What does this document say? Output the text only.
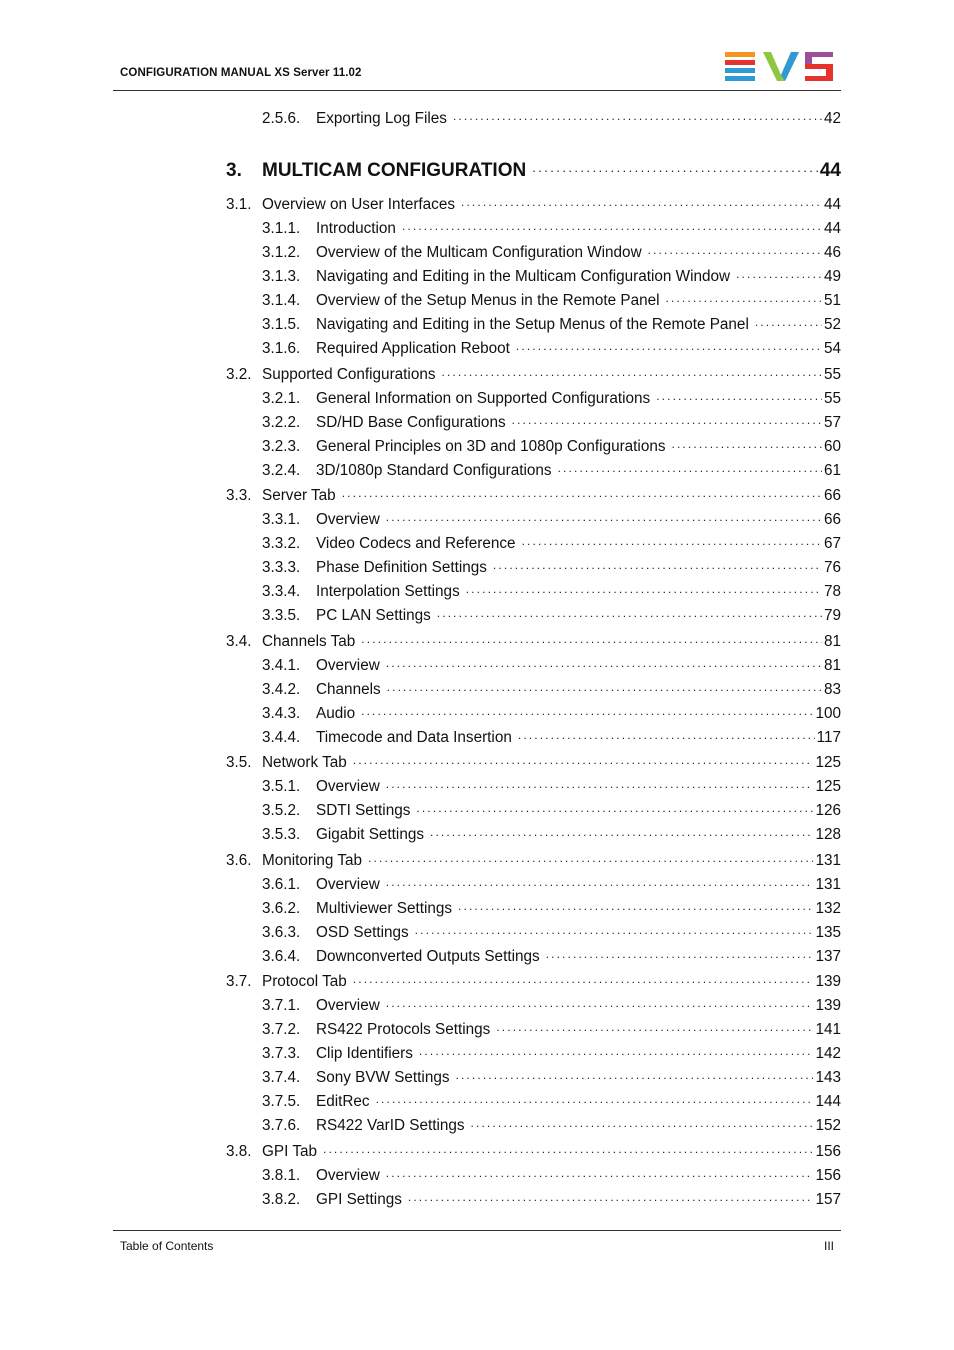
CONFIGURATION MANUAL XS Server 11.02
2.5.6.	Exporting Log Files . . .	42
3.	MULTICAM CONFIGURATION . . .	44
3.1. Overview on User Interfaces . . .	44
3.1.1.	Introduction . . .	44
3.1.2.	Overview of the Multicam Configuration Window . . .	46
3.1.3.	Navigating and Editing in the Multicam Configuration Window . . .	49
3.1.4.	Overview of the Setup Menus in the Remote Panel . . .	51
3.1.5.	Navigating and Editing in the Setup Menus of the Remote Panel . . .	52
3.1.6.	Required Application Reboot . . .	54
3.2. Supported Configurations . . .	55
3.2.1.	General Information on Supported Configurations . . .	55
3.2.2.	SD/HD Base Configurations . . .	57
3.2.3.	General Principles on 3D and 1080p Configurations . . .	60
3.2.4.	3D/1080p Standard Configurations . . .	61
3.3. Server Tab . . .	66
3.3.1.	Overview . . .	66
3.3.2.	Video Codecs and Reference . . .	67
3.3.3.	Phase Definition Settings . . .	76
3.3.4.	Interpolation Settings . . .	78
3.3.5.	PC LAN Settings . . .	79
3.4. Channels Tab . . .	81
3.4.1.	Overview . . .	81
3.4.2.	Channels . . .	83
3.4.3.	Audio . . .	100
3.4.4.	Timecode and Data Insertion . . .	117
3.5. Network Tab . . .	125
3.5.1.	Overview . . .	125
3.5.2.	SDTI Settings . . .	126
3.5.3.	Gigabit Settings . . .	128
3.6. Monitoring Tab . . .	131
3.6.1.	Overview . . .	131
3.6.2.	Multiviewer Settings . . .	132
3.6.3.	OSD Settings . . .	135
3.6.4.	Downconverted Outputs Settings . . .	137
3.7. Protocol Tab . . .	139
3.7.1.	Overview . . .	139
3.7.2.	RS422 Protocols Settings . . .	141
3.7.3.	Clip Identifiers . . .	142
3.7.4.	Sony BVW Settings . . .	143
3.7.5.	EditRec . . .	144
3.7.6.	RS422 VarID Settings . . .	152
3.8. GPI Tab . . .	156
3.8.1.	Overview . . .	156
3.8.2.	GPI Settings . . .	157
Table of Contents	III
